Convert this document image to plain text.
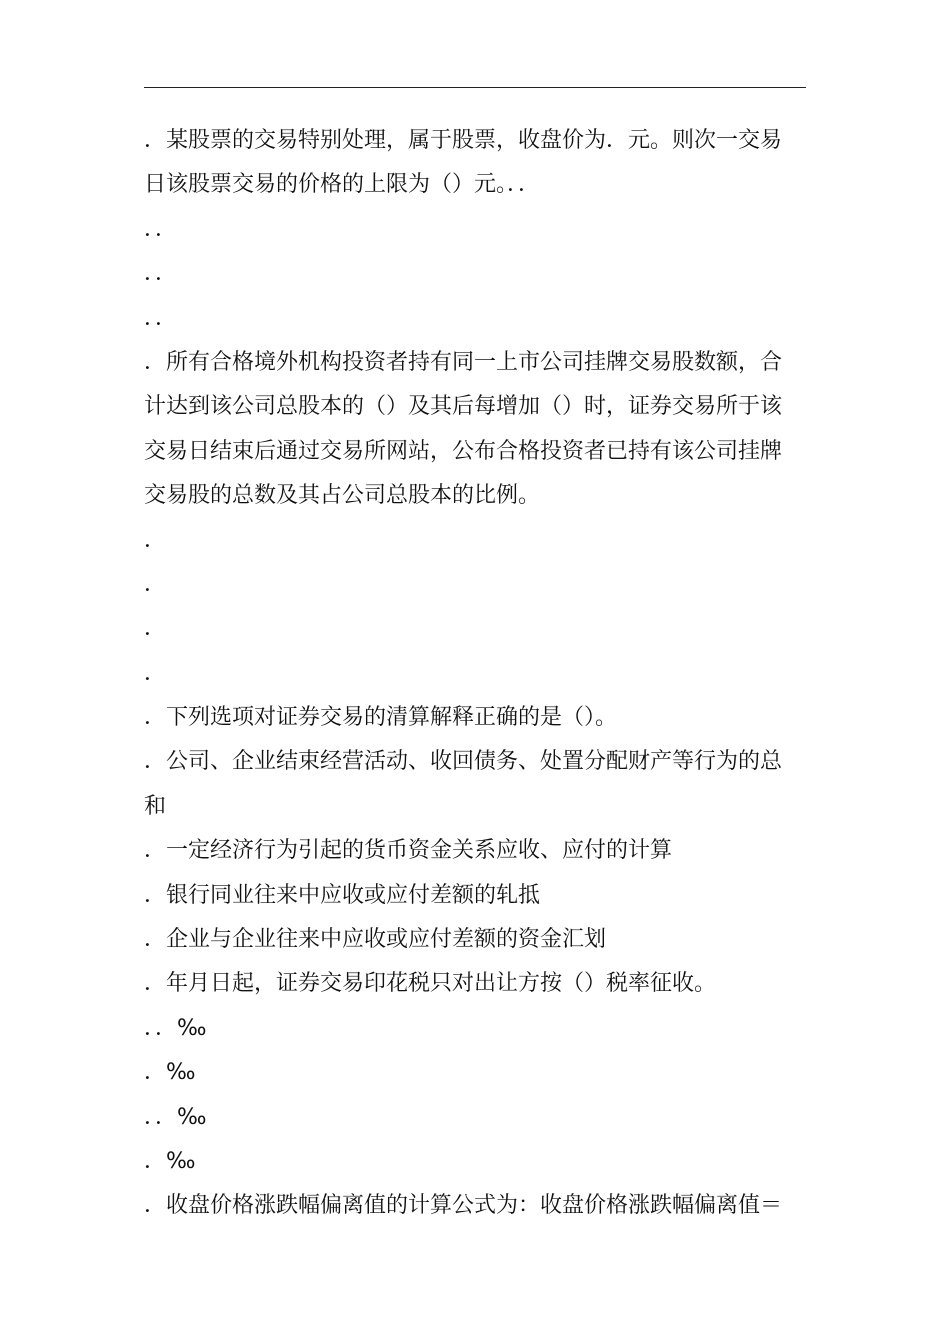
．某股票的交易特别处理，属于股票，收盘价为．元。则次一交易
日该股票交易的价格的上限为（）元。．．
．．
．．
．．
．所有合格境外机构投资者持有同一上市公司挂牌交易股数额，合
计达到该公司总股本的（）及其后每增加（）时，证券交易所于该
交易日结束后通过交易所网站，公布合格投资者已持有该公司挂牌
交易股的总数及其占公司总股本的比例。
．
．
．
．
．下列选项对证券交易的清算解释正确的是（）。
．公司、企业结束经营活动、收回债务、处置分配财产等行为的总
和
．一定经济行为引起的货币资金关系应收、应付的计算
．银行同业往来中应收或应付差额的轧抵
．企业与企业往来中应收或应付差额的资金汇划
．年月日起，证券交易印花税只对出让方按（）税率征收。
．．‰
．‰
．．‰
．‰
．收盘价格涨跌幅偏离值的计算公式为：收盘价格涨跌幅偏离值＝
